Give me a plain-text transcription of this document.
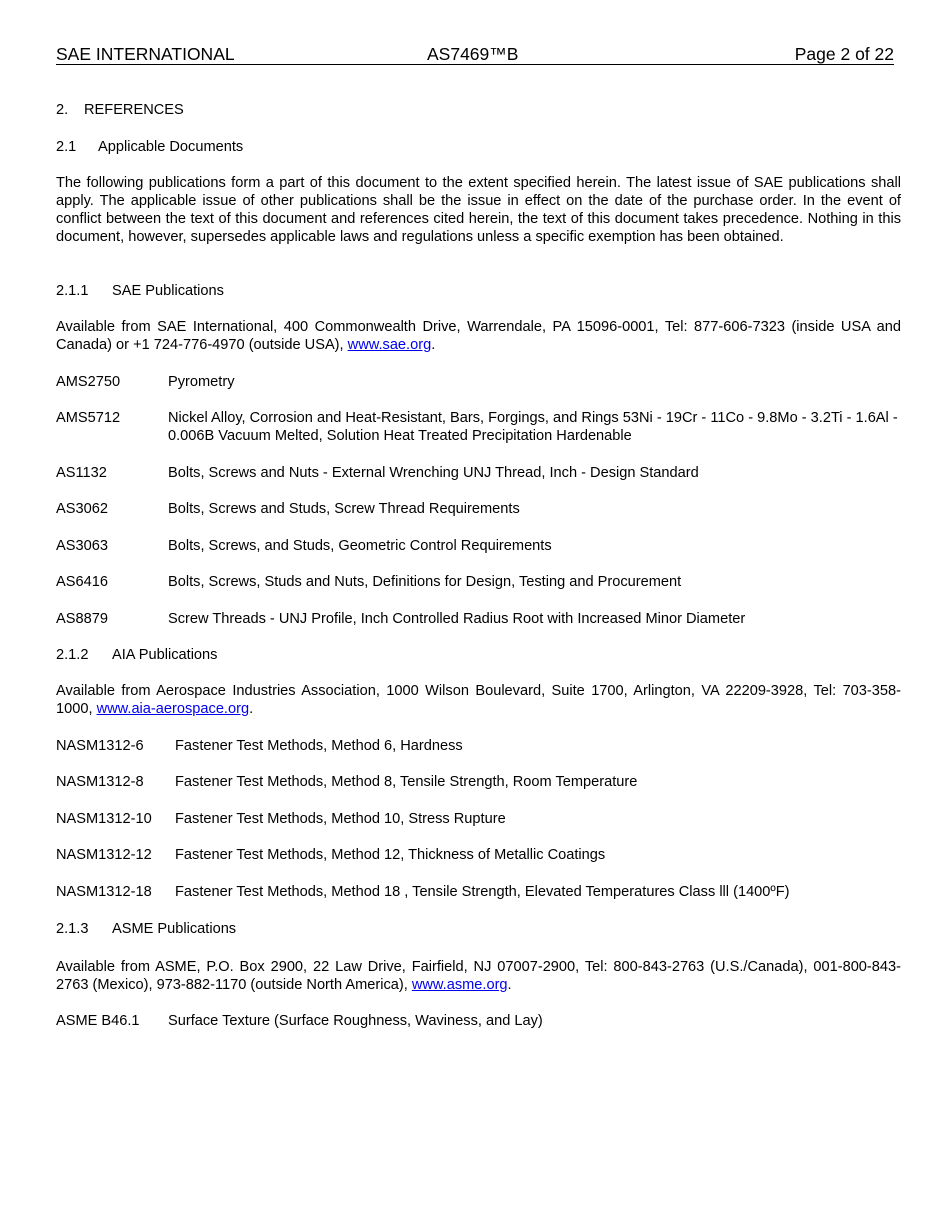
SAE INTERNATIONAL	AS7469™B	Page 2 of 22
2. REFERENCES
2.1 Applicable Documents
The following publications form a part of this document to the extent specified herein. The latest issue of SAE publications shall apply. The applicable issue of other publications shall be the issue in effect on the date of the purchase order. In the event of conflict between the text of this document and references cited herein, the text of this document takes precedence. Nothing in this document, however, supersedes applicable laws and regulations unless a specific exemption has been obtained.
2.1.1 SAE Publications
Available from SAE International, 400 Commonwealth Drive, Warrendale, PA 15096-0001, Tel: 877-606-7323 (inside USA and Canada) or +1 724-776-4970 (outside USA), www.sae.org.
AMS2750	Pyrometry
AMS5712	Nickel Alloy, Corrosion and Heat-Resistant, Bars, Forgings, and Rings 53Ni - 19Cr - 11Co - 9.8Mo - 3.2Ti - 1.6Al - 0.006B Vacuum Melted, Solution Heat Treated Precipitation Hardenable
AS1132	Bolts, Screws and Nuts - External Wrenching UNJ Thread, Inch - Design Standard
AS3062	Bolts, Screws and Studs, Screw Thread Requirements
AS3063	Bolts, Screws, and Studs, Geometric Control Requirements
AS6416	Bolts, Screws, Studs and Nuts, Definitions for Design, Testing and Procurement
AS8879	Screw Threads - UNJ Profile, Inch Controlled Radius Root with Increased Minor Diameter
2.1.2 AIA Publications
Available from Aerospace Industries Association, 1000 Wilson Boulevard, Suite 1700, Arlington, VA 22209-3928, Tel: 703-358-1000, www.aia-aerospace.org.
NASM1312-6 Fastener Test Methods, Method 6, Hardness
NASM1312-8 Fastener Test Methods, Method 8, Tensile Strength, Room Temperature
NASM1312-10 Fastener Test Methods, Method 10, Stress Rupture
NASM1312-12 Fastener Test Methods, Method 12, Thickness of Metallic Coatings
NASM1312-18 Fastener Test Methods, Method 18 , Tensile Strength, Elevated Temperatures Class lll (1400ºF)
2.1.3 ASME Publications
Available from ASME, P.O. Box 2900, 22 Law Drive, Fairfield, NJ 07007-2900, Tel: 800-843-2763 (U.S./Canada), 001-800-843-2763 (Mexico), 973-882-1170 (outside North America), www.asme.org.
ASME B46.1 Surface Texture (Surface Roughness, Waviness, and Lay)
